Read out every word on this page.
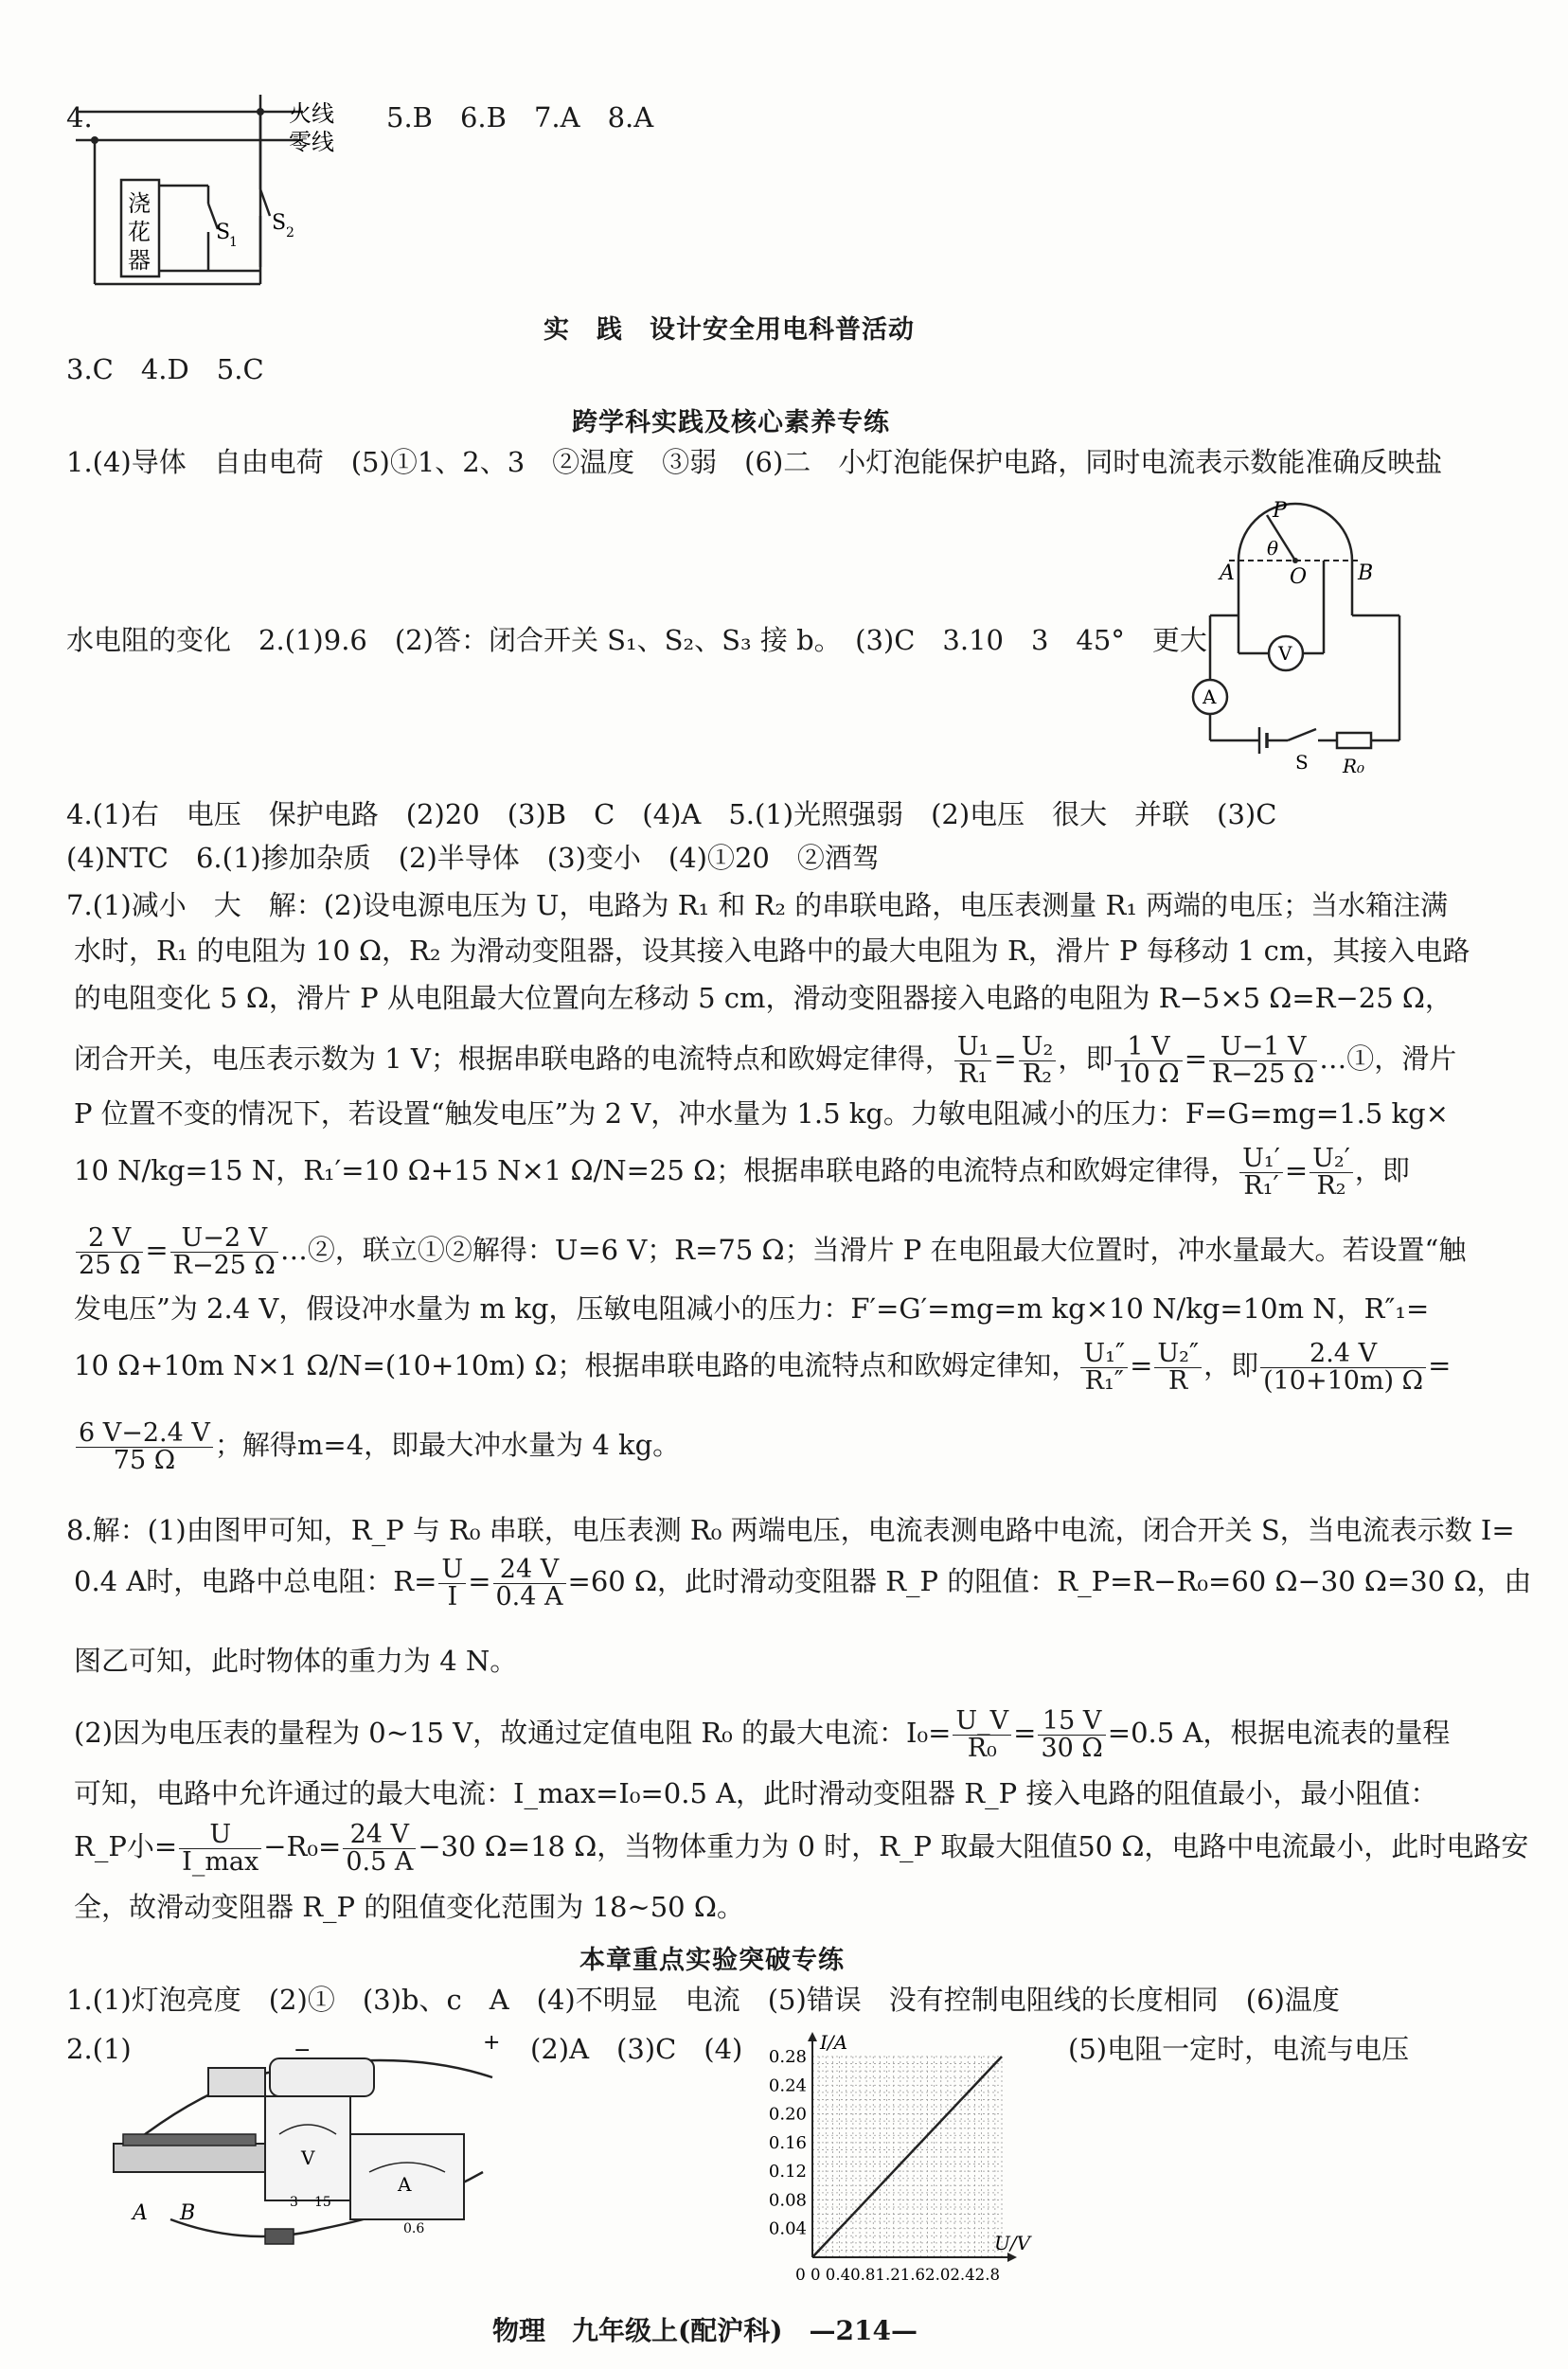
4.	5.B　6.B　7.A　8.A
火线
零线
浇
花
器
S
1
S 2
实　践　设计安全用电科普活动
3.C　4.D　5.C
跨学科实践及核心素养专练
1.(4)导体　自由电荷　(5)①1、2、3　②温度　③弱　(6)二　小灯泡能保护电路，同时电流表示数能准确反映盐
水电阻的变化　2.(1)9.6　(2)答：闭合开关 S₁、S₂、S₃ 接 b。　(3)C　3.10　3　45°　更大
P
θ
A	O B
V
A
S R₀
4.(1)右　电压　保护电路　(2)20　(3)B　C　(4)A　5.(1)光照强弱　(2)电压　很大　并联　(3)C
(4)NTC　6.(1)掺加杂质　(2)半导体　(3)变小　(4)①20　②酒驾
7.(1)减小　大　解：(2)设电源电压为 U，电路为 R₁ 和 R₂ 的串联电路，电压表测量 R₁ 两端的电压；当水箱注满
水时，R₁ 的电阻为 10 Ω，R₂ 为滑动变阻器，设其接入电路中的最大电阻为 R，滑片 P 每移动 1 cm，其接入电路
的电阻变化 5 Ω，滑片 P 从电阻最大位置向左移动 5 cm，滑动变阻器接入电路的电阻为 R−5×5 Ω=R−25 Ω，
闭合开关，电压表示数为 1 V；根据串联电路的电流特点和欧姆定律得， $\frac{\text{U₁}}{\text{R₁}} = \frac{\text{U₂}}{\text{R₂}}$ ，即 $\frac{1 V}{10 \Omega} = \frac{U-1 V}{R-25 \Omega}$ …①，滑片
P 位置不变的情况下，若设置“触发电压”为 2 V，冲水量为 1.5 kg。力敏电阻减小的压力：F=G=mg=1.5 kg×
10 N/kg=15 N，R₁′=10 Ω+15 N×1 Ω/N=25 Ω；根据串联电路的电流特点和欧姆定律得， $\frac{\text{U₁′}}{\text{R₁′}} = \frac{\text{U₂′}}{\text{R₂}}$ ，即
$\frac{2 V}{25 \Omega} = \frac{U-2 V}{R-25 \Omega}$ …②，联立①②解得：U=6 V；R=75 Ω；当滑片 P 在电阻最大位置时，冲水量最大。若设置“触
发电压”为 2.4 V，假设冲水量为 m kg，压敏电阻减小的压力：F′=G′=mg=m kg×10 N/kg=10m N，R″₁=
10 Ω+10m N×1 Ω/N=(10+10m) Ω；根据串联电路的电流特点和欧姆定律知， $\frac{\text{U₁″}}{\text{R₁″}} = \frac{\text{U₂″}}{R}$ ，即 $\frac{2.4 V}{(10+10m) \Omega}$ =
$\frac{6 V-2.4 V}{75 \Omega}$ ；解得m=4，即最大冲水量为 4 kg。
8.解：(1)由图甲可知，R_P 与 R₀ 串联，电压表测 R₀ 两端电压，电流表测电路中电流，闭合开关 S，当电流表示数 I=
0.4 A时，电路中总电阻：$R= \frac{U}{I} = \frac{24 V}{0.4 A} =60$ Ω，此时滑动变阻器 R_P 的阻值：R_P=R−R₀=60 Ω−30 Ω=30 Ω，由
图乙可知，此时物体的重力为 4 N。
(2)因为电压表的量程为 0~15 V，故通过定值电阻 R₀ 的最大电流：$I_0= \frac{U\_V}{\text{R₀}} = \frac{15 V}{30 \Omega} =0.5$ A，根据电流表的量程
可知，电路中允许通过的最大电流：I_max=I₀=0.5 A，此时滑动变阻器 R_P 接入电路的阻值最小，最小阻值：
R_P小= $\frac{U}{I\_\max} -R_0= \frac{24 V}{0.5 A} -30$ Ω=18 Ω，当物体重力为 0 时，R_P 取最大阻值50 Ω，电路中电流最小，此时电路安
全，故滑动变阻器 R_P 的阻值变化范围为 18~50 Ω。
本章重点实验突破专练
1.(1)灯泡亮度　(2)①　(3)b、c　A　(4)不明显　电流　(5)错误　没有控制电阻线的长度相同　(6)温度
2.(1)	(2)A　(3)C　(4)	(5)电阻一定时，电流与电压
A B
V
A
+
−
3 15
0.6
0.28
0.24
0.20
0.16
0.12
0.08
0.04
I/A
U/V
0 0 0.40.81.21.62.02.42.8
物理　九年级上(配沪科)　—214—
